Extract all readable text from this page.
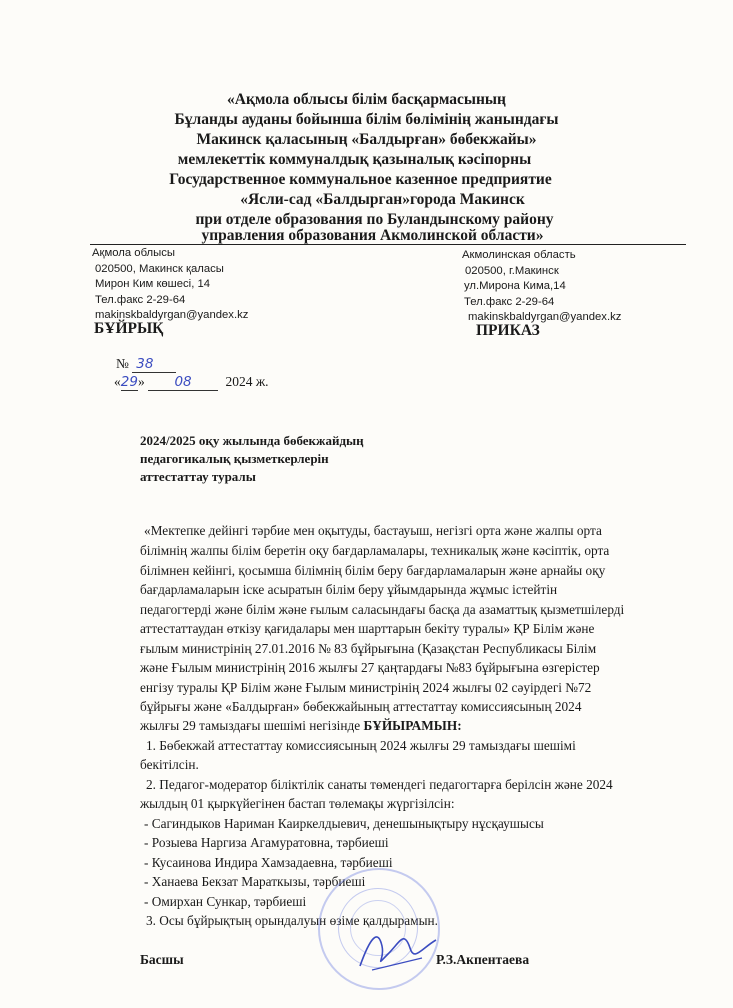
«Ақмола облысы білім басқармасының
Бұланды ауданы бойынша білім бөлімінің жанындағы
Макинск қаласының «Балдырған» бөбекжайы»
мемлекеттік коммуналдық қазыналық кәсіпорны
Государственное коммунальное казенное предприятие
«Ясли-сад «Балдырган»города Макинск
при отделе образования по Буландынскому району
управления образования Акмолинской области»
Ақмола облысы
020500, Макинск қаласы
Мирон Ким көшесі, 14
Тел.факс 2-29-64
makinskbaldyrgan@yandex.kz
Акмолинская область
020500, г.Макинск
ул.Мирона Кима,14
Тел.факс 2-29-64
makinskbaldyrgan@yandex.kz
БҰЙРЫҚ	ПРИКАЗ
№ 38
«29» 08	2024 ж.
2024/2025 оқу жылында бөбекжайдың
педагогикалық қызметкерлерін
аттестаттау туралы
«Мектепке дейінгі тәрбие мен оқытуды, бастауыш, негізгі орта және жалпы орта
білімнің жалпы білім беретін оқу бағдарламалары, техникалық және кәсіптік, орта
білімнен кейінгі, қосымша білімнің білім беру бағдарламаларын және арнайы оқу
бағдарламаларын іске асыратын білім беру ұйымдарында жұмыс істейтін
педагогтерді және білім және ғылым саласындағы басқа да азаматтық қызметшілерді
аттестаттаудан өткізу қағидалары мен шарттарын бекіту туралы» ҚР Білім және
ғылым министрінің 27.01.2016 № 83 бұйрығына (Қазақстан Республикасы Білім
және Ғылым министрінің 2016 жылғы 27 қаңтардағы №83 бұйрығына өзгерістер
енгізу туралы ҚР Білім және Ғылым министрінің 2024 жылғы 02 сәуірдегі №72
бұйрығы және «Балдырған» бөбекжайының аттестаттау комиссиясының 2024
жылғы 29 тамыздағы шешімі негізінде БҰЙЫРАМЫН:
1. Бөбекжай аттестаттау комиссиясының 2024 жылғы 29 тамыздағы шешімі
бекітілсін.
2. Педагог-модератор біліктілік санаты төмендегі педагогтарға берілсін және 2024
жылдың 01 қыркүйегінен бастап төлемақы жүргізілсін:
- Сагиндыков Нариман Каиркелдыевич, денешынықтыру нұсқаушысы
- Розыева Наргиза Агамуратовна, тәрбиеші
- Кусаинова Индира Хамзадаевна, тәрбиеші
- Ханаева Бекзат Мараткызы, тәрбиеші
- Омирхан Сункар, тәрбиеші
3. Осы бұйрықтың орындалуын өзіме қалдырамын.
Басшы	Р.З.Акпентаева
